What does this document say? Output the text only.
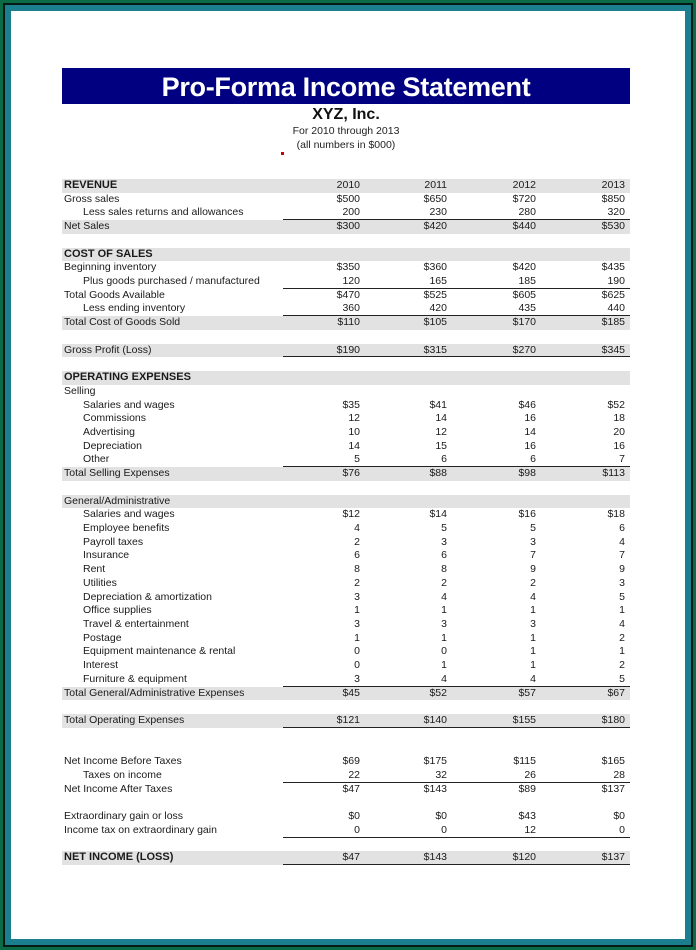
Pro-Forma Income Statement
XYZ, Inc.
For 2010 through 2013
(all numbers in $000)
REVENUE	2010	2011	2012	2013
Gross sales	$500	$650	$720	$850
Less sales returns and allowances	200	230	280	320
Net Sales	$300	$420	$440	$530
COST OF SALES
Beginning inventory	$350	$360	$420	$435
Plus goods purchased / manufactured	120	165	185	190
Total Goods Available	$470	$525	$605	$625
Less ending inventory	360	420	435	440
Total Cost of Goods Sold	$110	$105	$170	$185
Gross Profit (Loss)	$190	$315	$270	$345
OPERATING EXPENSES
Selling
Salaries and wages	$35	$41	$46	$52
Commissions	12	14	16	18
Advertising	10	12	14	20
Depreciation	14	15	16	16
Other	5	6	6	7
Total Selling Expenses	$76	$88	$98	$113
General/Administrative
Salaries and wages	$12	$14	$16	$18
Employee benefits	4	5	5	6
Payroll taxes	2	3	3	4
Insurance	6	6	7	7
Rent	8	8	9	9
Utilities	2	2	2	3
Depreciation & amortization	3	4	4	5
Office supplies	1	1	1	1
Travel & entertainment	3	3	3	4
Postage	1	1	1	2
Equipment maintenance & rental	0	0	1	1
Interest	0	1	1	2
Furniture & equipment	3	4	4	5
Total General/Administrative Expenses	$45	$52	$57	$67
Total Operating Expenses	$121	$140	$155	$180
Net Income Before Taxes	$69	$175	$115	$165
Taxes on income	22	32	26	28
Net Income After Taxes	$47	$143	$89	$137
Extraordinary gain or loss	$0	$0	$43	$0
Income tax on extraordinary gain	0	0	12	0
NET INCOME (LOSS)	$47	$143	$120	$137
